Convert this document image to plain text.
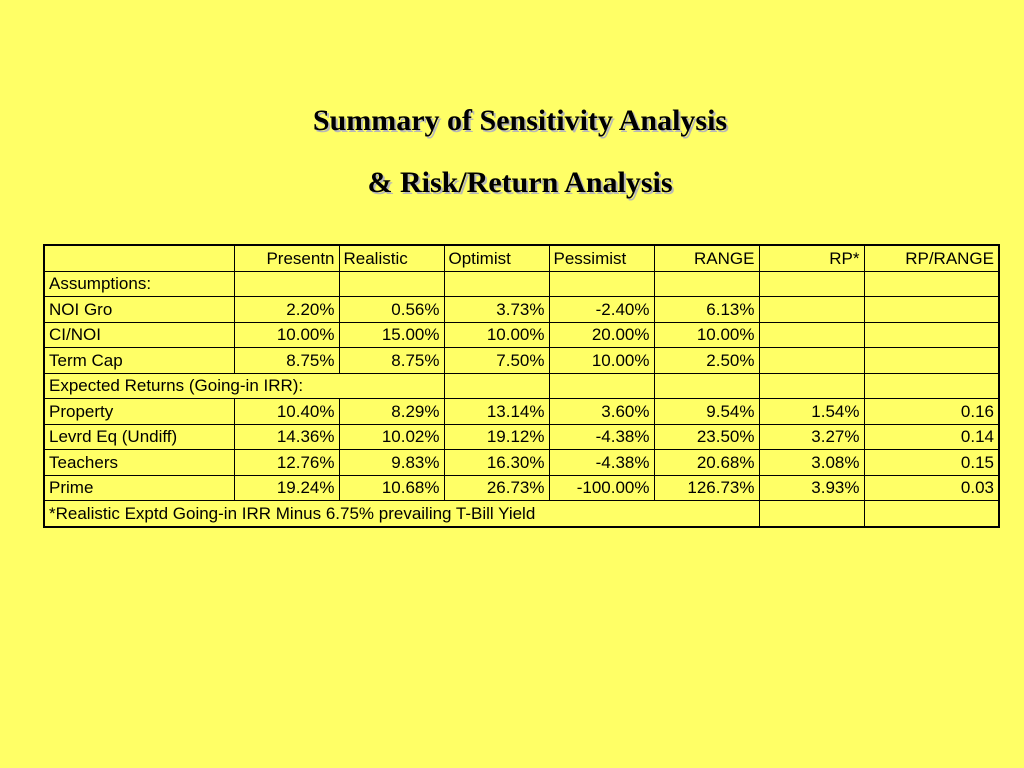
Summary of Sensitivity Analysis
& Risk/Return Analysis
	Presentn	Realistic	Optimist	Pessimist	RANGE	RP*	RP/RANGE
Assumptions:							
NOI Gro	2.20%	0.56%	3.73%	-2.40%	6.13%		
CI/NOI	10.00%	15.00%	10.00%	20.00%	10.00%		
Term Cap	8.75%	8.75%	7.50%	10.00%	2.50%		
Expected Returns (Going-in IRR):							
Property	10.40%	8.29%	13.14%	3.60%	9.54%	1.54%	0.16
Levrd Eq (Undiff)	14.36%	10.02%	19.12%	-4.38%	23.50%	3.27%	0.14
Teachers	12.76%	9.83%	16.30%	-4.38%	20.68%	3.08%	0.15
Prime	19.24%	10.68%	26.73%	-100.00%	126.73%	3.93%	0.03
*Realistic Exptd Going-in IRR Minus 6.75% prevailing T-Bill Yield							
